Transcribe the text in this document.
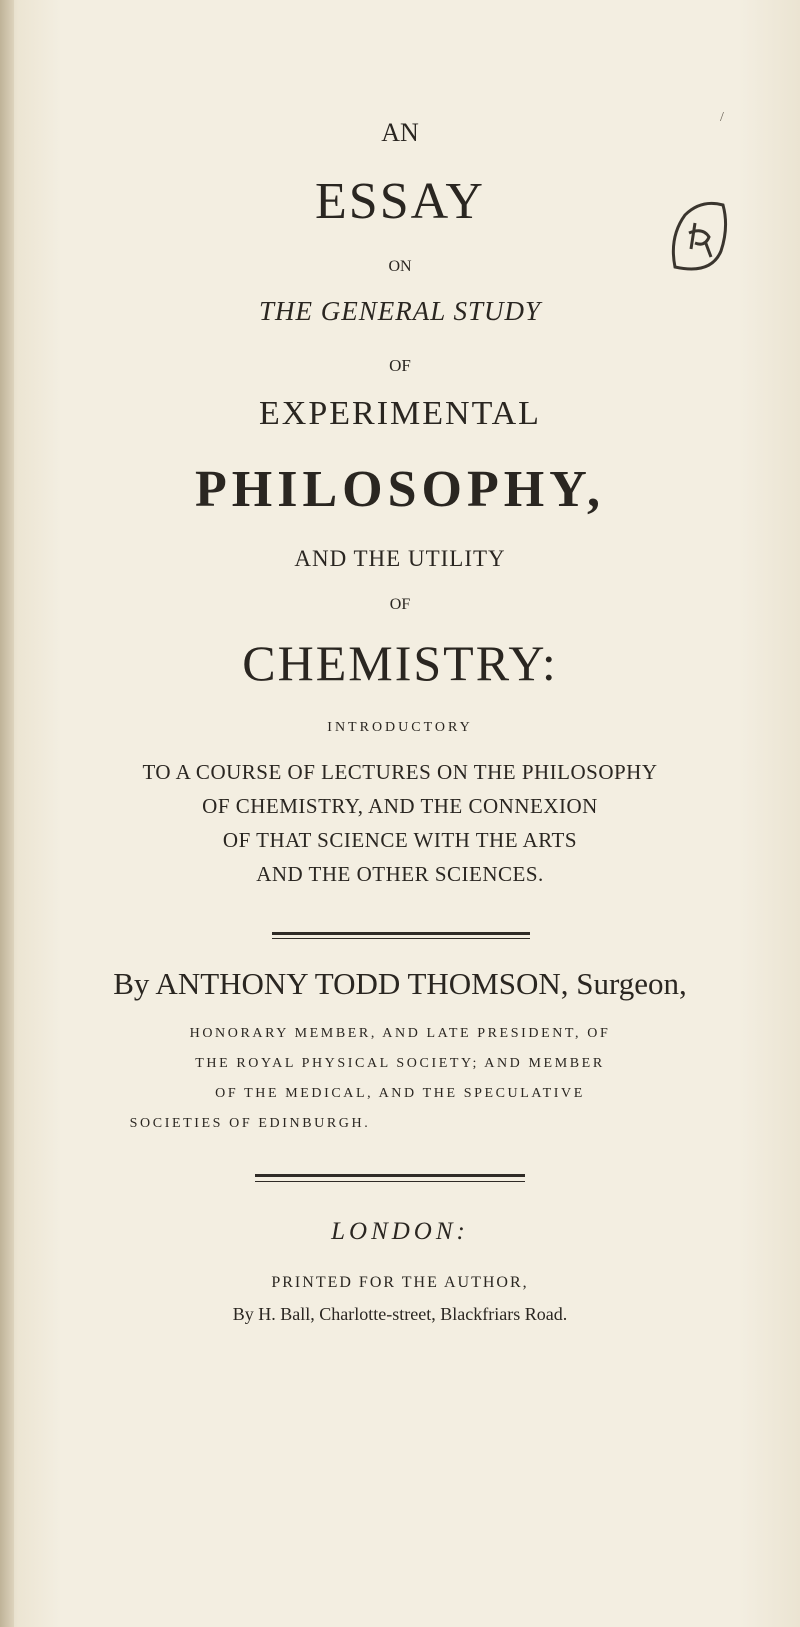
/
AN
ESSAY
ON
THE GENERAL STUDY
OF
EXPERIMENTAL
PHILOSOPHY,
AND THE UTILITY
OF
CHEMISTRY:
INTRODUCTORY
TO A COURSE OF LECTURES ON THE PHILOSOPHY
OF CHEMISTRY, AND THE CONNEXION
OF THAT SCIENCE WITH THE ARTS
AND THE OTHER SCIENCES.
By ANTHONY TODD THOMSON, Surgeon,
HONORARY MEMBER, AND LATE PRESIDENT, OF
THE ROYAL PHYSICAL SOCIETY; AND MEMBER
OF THE MEDICAL, AND THE SPECULATIVE
SOCIETIES OF EDINBURGH.
LONDON:
PRINTED FOR THE AUTHOR,
By H. Ball, Charlotte-street, Blackfriars Road.
